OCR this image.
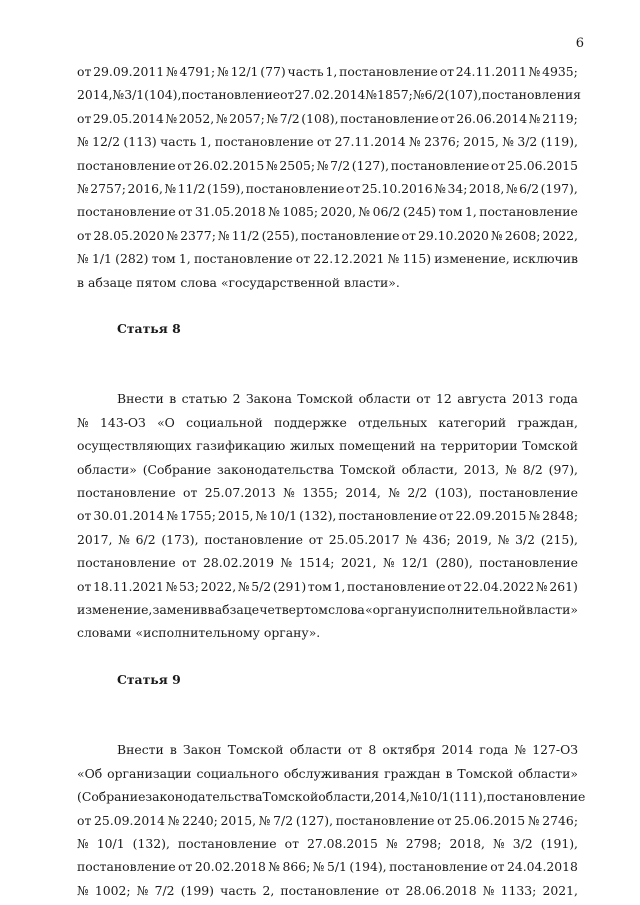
6
от 29.09.2011 № 4791; № 12/1 (77) часть 1, постановление от 24.11.2011 № 4935;
2014, № 3/1 (104), постановление от 27.02.2014 № 1857; № 6/2 (107), постановления
от 29.05.2014 № 2052, № 2057; № 7/2 (108), постановление от 26.06.2014 № 2119;
№ 12/2 (113) часть 1, постановление от 27.11.2014 № 2376; 2015, № 3/2 (119),
постановление от 26.02.2015 № 2505; № 7/2 (127), постановление от 25.06.2015
№ 2757; 2016, № 11/2 (159), постановление от 25.10.2016 № 34; 2018, № 6/2 (197),
постановление от 31.05.2018 № 1085; 2020, № 06/2 (245) том 1, постановление
от 28.05.2020 № 2377; № 11/2 (255), постановление от 29.10.2020 № 2608; 2022,
№ 1/1 (282) том 1, постановление от 22.12.2021 № 115) изменение, исключив
в абзаце пятом слова «государственной власти».
Статья 8
Внести в статью 2 Закона Томской области от 12 августа 2013 года
№ 143-ОЗ «О социальной поддержке отдельных категорий граждан,
осуществляющих газификацию жилых помещений на территории Томской
области» (Собрание законодательства Томской области, 2013, № 8/2 (97),
постановление от 25.07.2013 № 1355; 2014, № 2/2 (103), постановление
от 30.01.2014 № 1755; 2015, № 10/1 (132), постановление от 22.09.2015 № 2848;
2017, № 6/2 (173), постановление от 25.05.2017 № 436; 2019, № 3/2 (215),
постановление от 28.02.2019 № 1514; 2021, № 12/1 (280), постановление
от 18.11.2021 № 53; 2022, № 5/2 (291) том 1, постановление от 22.04.2022 № 261)
изменение, заменив в абзаце четвертом слова «органу исполнительной власти»
словами «исполнительному органу».
Статья 9
Внести в Закон Томской области от 8 октября 2014 года № 127-ОЗ
«Об организации социального обслуживания граждан в Томской области»
(Собрание законодательства Томской области, 2014, № 10/1 (111), постановление
от 25.09.2014 № 2240; 2015, № 7/2 (127), постановление от 25.06.2015 № 2746;
№ 10/1 (132), постановление от 27.08.2015 № 2798; 2018, № 3/2 (191),
постановление от 20.02.2018 № 866; № 5/1 (194), постановление от 24.04.2018
№ 1002; № 7/2 (199) часть 2, постановление от 28.06.2018 № 1133; 2021,
